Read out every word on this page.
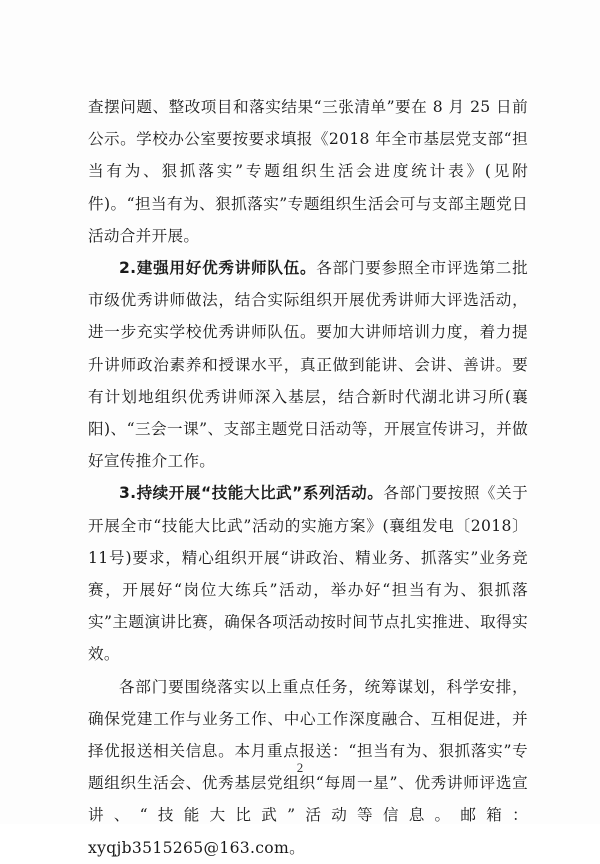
查摆问题、整改项目和落实结果“三张清单”要在 8 月 25 日前公示。学校办公室要按要求填报《2018 年全市基层党支部“担当有为、狠抓落实”专题组织生活会进度统计表》(见附件)。“担当有为、狠抓落实”专题组织生活会可与支部主题党日活动合并开展。

2.建强用好优秀讲师队伍。各部门要参照全市评选第二批市级优秀讲师做法，结合实际组织开展优秀讲师大评选活动，进一步充实学校优秀讲师队伍。要加大讲师培训力度，着力提升讲师政治素养和授课水平，真正做到能讲、会讲、善讲。要有计划地组织优秀讲师深入基层，结合新时代湖北讲习所(襄阳)、“三会一课”、支部主题党日活动等，开展宣传讲习，并做好宣传推介工作。

3.持续开展“技能大比武”系列活动。各部门要按照《关于开展全市“技能大比武”活动的实施方案》(襄组发电〔2018〕11号)要求，精心组织开展“讲政治、精业务、抓落实”业务竞赛，开展好“岗位大练兵”活动，举办好“担当有为、狠抓落实”主题演讲比赛，确保各项活动按时间节点扎实推进、取得实效。

各部门要围绕落实以上重点任务，统筹谋划，科学安排，确保党建工作与业务工作、中心工作深度融合、互相促进，并择优报送相关信息。本月重点报送：“担当有为、狠抓落实”专题组织生活会、优秀基层党组织“每周一星”、优秀讲师评选宣讲、“技能大比武”活动等信息。邮箱：xyqjb3515265@163.com。

2
